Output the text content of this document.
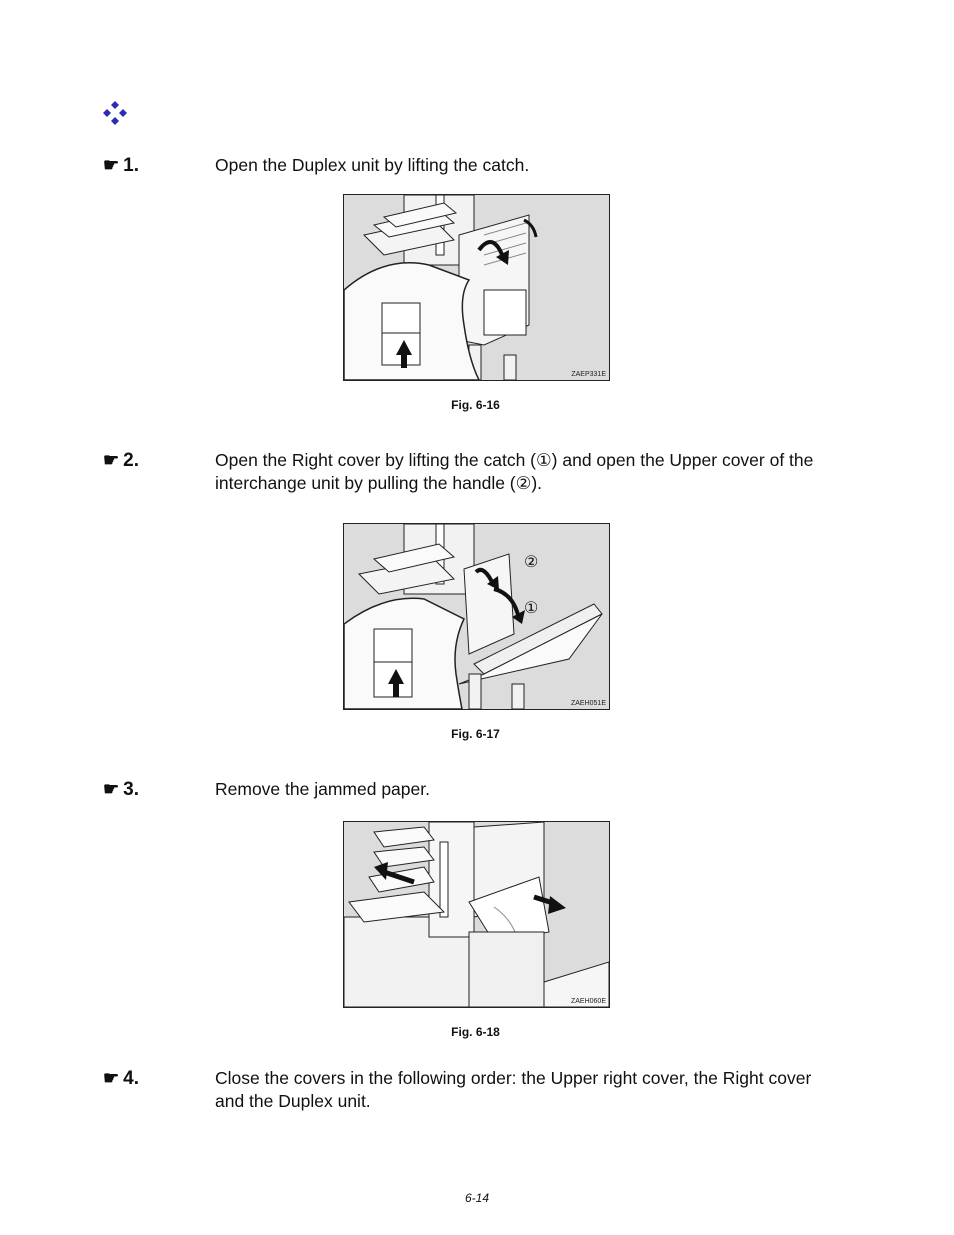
☛ 1.	Open the Duplex unit by lifting the catch.
ZAEP331E
Fig. 6-16
☛ 2.	Open the Right cover by lifting the catch (①) and open the Upper cover of the interchange unit by pulling the handle (②).
②
①
ZAEH051E
Fig. 6-17
☛ 3.	Remove the jammed paper.
ZAEH060E
Fig. 6-18
☛ 4.	Close the covers in the following order: the Upper right cover, the Right cover and the Duplex unit.
6-14
